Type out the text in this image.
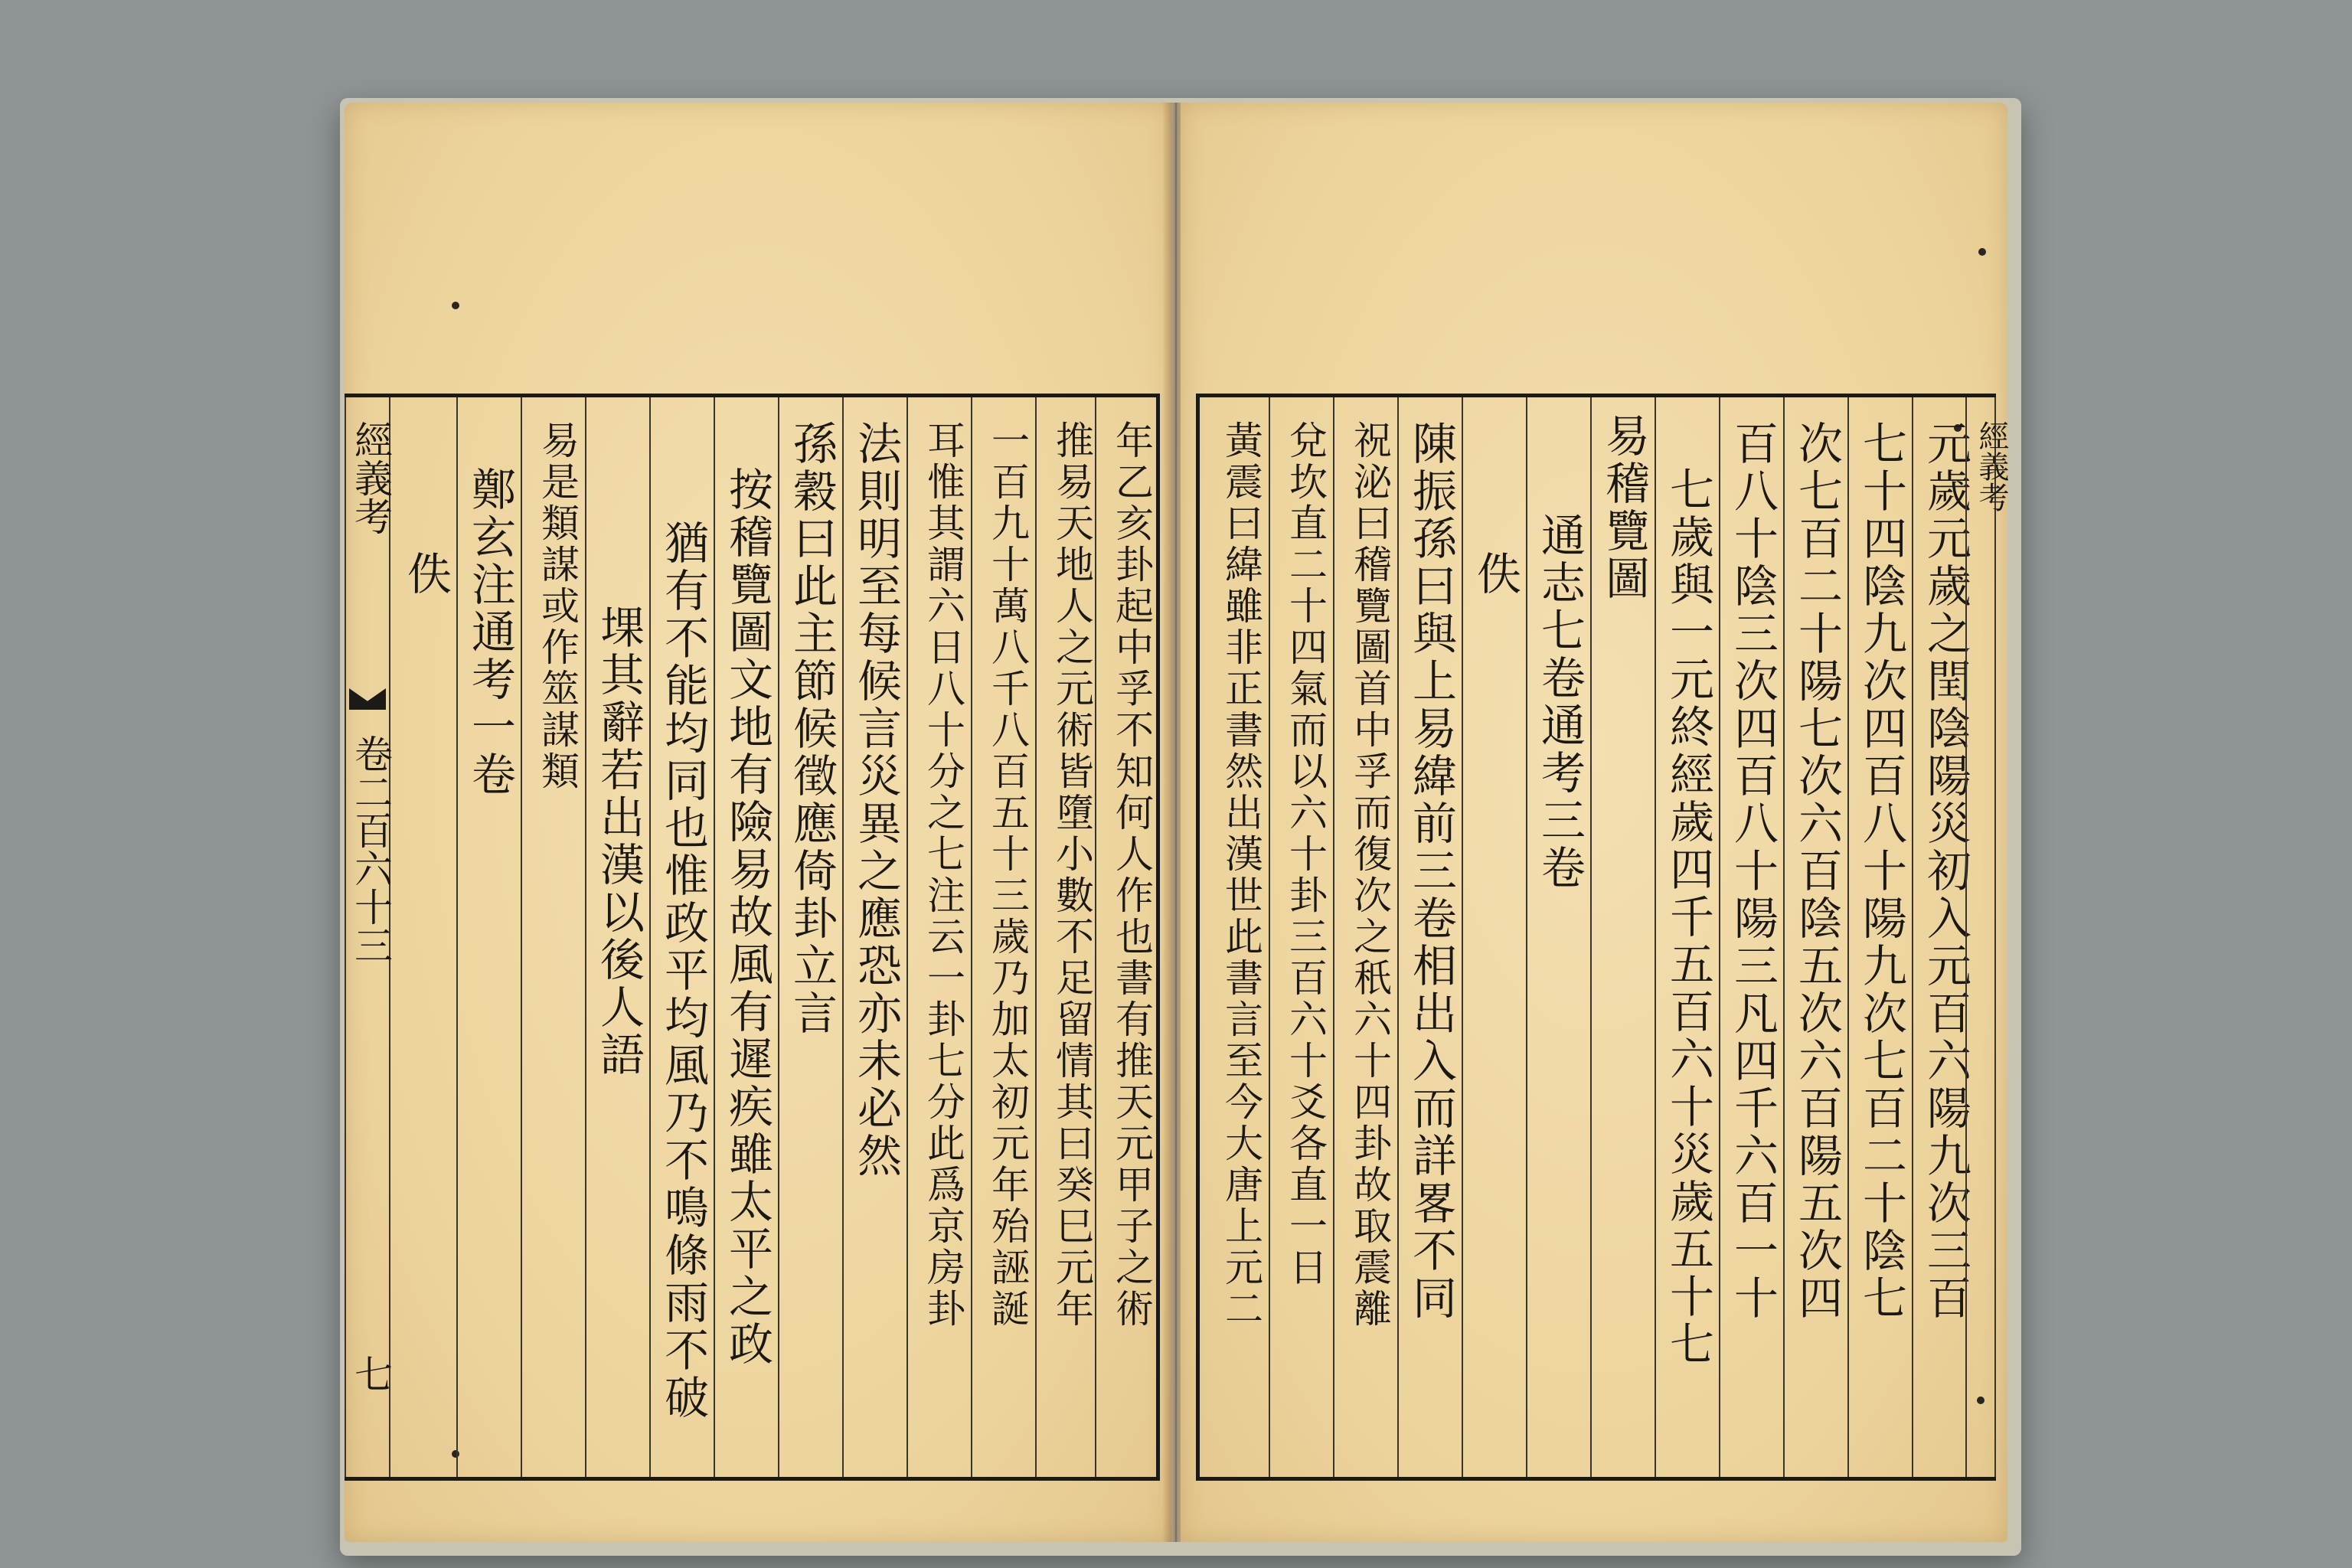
經義考
卷二百六十三
七
佚 鄭玄注通考一卷 易是類謀或作筮謀類 堁其辭若出漢以後人語 猶有不能均同也惟政平均風乃不鳴條雨不破 按稽覽圖文地有險易故風有遲疾雖太平之政 孫穀曰此主節候徵應倚卦立言 法則明至每候言災異之應恐亦未必然 耳惟其謂六日八十分之七注云一卦七分此爲京房卦 一百九十萬八千八百五十三歲乃加太初元年殆誣誕 推易天地人之元術皆墮小數不足留情其曰癸巳元年 年乙亥卦起中孚不知何人作也書有推天元甲子之術 黃震曰緯雖非正書然出漢世此書言至今大唐上元二 兌坎直二十四氣而以六十卦三百六十爻各直一日 祝泌曰稽覽圖首中孚而復次之秖六十四卦故取震離 陳振孫曰與上易緯前三卷相出入而詳畧不同 佚 通志七卷通考三卷
易稽覽圖 七歲與一元終經歲四千五百六十災歲五十七 百八十陰三次四百八十陽三凡四千六百一十 次七百二十陽七次六百陰五次六百陽五次四 七十四陰九次四百八十陽九次七百二十陰七 元歲元歲之閏陰陽災初入元百六陽九次三百 經義考
